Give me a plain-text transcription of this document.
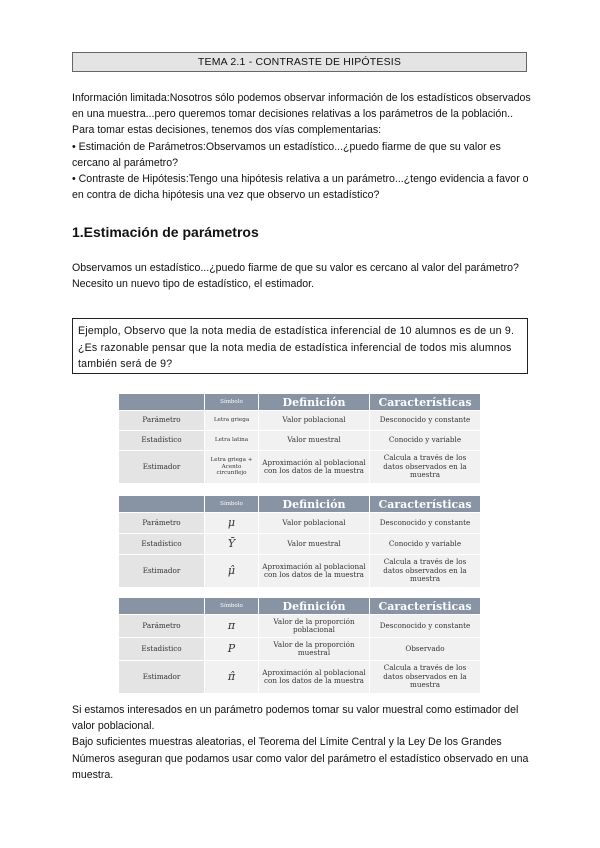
TEMA 2.1 - CONTRASTE DE HIPÓTESIS

Información limitada:Nosotros sólo podemos observar información de los estadísticos observados en una muestra...pero queremos tomar decisiones relativas a los parámetros de la población..

Para tomar estas decisiones, tenemos dos vías complementarias:

• Estimación de Parámetros:Observamos un estadístico...¿puedo fiarme de que su valor es cercano al parámetro?

• Contraste de Hipótesis:Tengo una hipótesis relativa a un parámetro...¿tengo evidencia a favor o en contra de dicha hipótesis una vez que observo un estadístico?

1.Estimación de parámetros

Observamos un estadístico...¿puedo fiarme de que su valor es cercano al valor del parámetro?

Necesito un nuevo tipo de estadístico, el estimador.

Ejemplo, Observo que la nota media de estadística inferencial de 10 alumnos es de un 9. ¿Es razonable pensar que la nota media de estadística inferencial de todos mis alumnos también será de 9?
	Símbolo	Definición	Características
Parámetro	Letra griega	Valor poblacional	Desconocido y constante
Estadístico	Letra latina	Valor muestral	Conocido y variable
Estimador	Letra griega + Acento circunflejo	Aproximación al poblacional con los datos de la muestra	Calcula a través de los datos observados en la muestra
	Símbolo	Definición	Características
Parámetro	μ	Valor poblacional	Desconocido y constante
Estadístico	Ȳ	Valor muestral	Conocido y variable
Estimador	μ̂	Aproximación al poblacional con los datos de la muestra	Calcula a través de los datos observados en la muestra
	Símbolo	Definición	Características
Parámetro	π	Valor de la proporción poblacional	Desconocido y constante
Estadístico	P	Valor de la proporción muestral	Observado
Estimador	π̂	Aproximación al poblacional con los datos de la muestra	Calcula a través de los datos observados en la muestra

Si estamos interesados en un parámetro podemos tomar su valor muestral como estimador del valor poblacional.

Bajo suficientes muestras aleatorias, el Teorema del Límite Central y la Ley De los Grandes Números aseguran que podamos usar como valor del parámetro el estadístico observado en una muestra.
